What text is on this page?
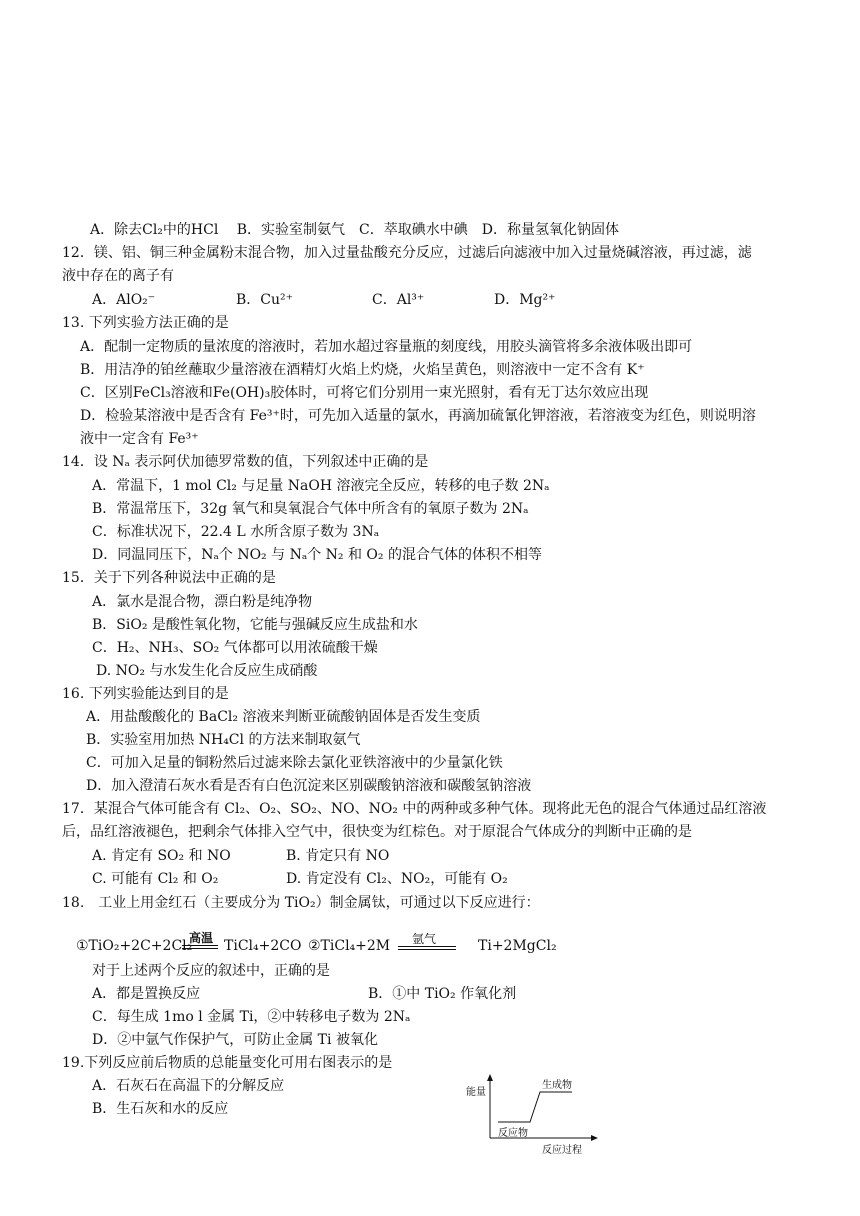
A．除去Cl₂中的HCl　 B．实验室制氨气　C．萃取碘水中碘　D．称量氢氧化钠固体
12．镁、铝、铜三种金属粉末混合物，加入过量盐酸充分反应，过滤后向滤液中加入过量烧碱溶液，再过滤，滤
液中存在的离子有
A．AlO₂⁻	B．Cu²⁺	C．Al³⁺	D．Mg²⁺
13. 下列实验方法正确的是
A．配制一定物质的量浓度的溶液时，若加水超过容量瓶的刻度线，用胶头滴管将多余液体吸出即可
B．用洁净的铂丝蘸取少量溶液在酒精灯火焰上灼烧，火焰呈黄色，则溶液中一定不含有 K⁺
C．区别FeCl₃溶液和Fe(OH)₃胶体时，可将它们分别用一束光照射，看有无丁达尔效应出现
D．检验某溶液中是否含有 Fe³⁺时，可先加入适量的氯水，再滴加硫氰化钾溶液，若溶液变为红色，则说明溶
液中一定含有 Fe³⁺
14．设 Nₐ 表示阿伏加德罗常数的值，下列叙述中正确的是
A．常温下，1 mol Cl₂ 与足量 NaOH 溶液完全反应，转移的电子数 2Nₐ
B．常温常压下，32g 氧气和臭氧混合气体中所含有的氧原子数为 2Nₐ
C．标准状况下，22.4 L 水所含原子数为 3Nₐ
D．同温同压下，Nₐ个 NO₂ 与 Nₐ个 N₂ 和 O₂ 的混合气体的体积不相等
15．关于下列各种说法中正确的是
A．氯水是混合物，漂白粉是纯净物
B．SiO₂ 是酸性氧化物，它能与强碱反应生成盐和水
C．H₂、NH₃、SO₂ 气体都可以用浓硫酸干燥
D. NO₂ 与水发生化合反应生成硝酸
16. 下列实验能达到目的是
A．用盐酸酸化的 BaCl₂ 溶液来判断亚硫酸钠固体是否发生变质
B．实验室用加热 NH₄Cl 的方法来制取氨气
C．可加入足量的铜粉然后过滤来除去氯化亚铁溶液中的少量氯化铁
D．加入澄清石灰水看是否有白色沉淀来区别碳酸钠溶液和碳酸氢钠溶液
17．某混合气体可能含有 Cl₂、O₂、SO₂、NO、NO₂ 中的两种或多种气体。现将此无色的混合气体通过品红溶液
后，品红溶液褪色，把剩余气体排入空气中，很快变为红棕色。对于原混合气体成分的判断中正确的是
A. 肯定有 SO₂ 和 NO	B. 肯定只有 NO
C. 可能有 Cl₂ 和 O₂	D. 肯定没有 Cl₂、NO₂，可能有 O₂
18.　工业上用金红石（主要成分为 TiO₂）制金属钛，可通过以下反应进行：
①TiO₂+2C+2Cl₂
高温 TiCl₄+2CO ②TiCl₄+2M 氩气	Ti+2MgCl₂
对于上述两个反应的叙述中，正确的是
A．都是置换反应	B．①中 TiO₂ 作氧化剂
C．每生成 1mo l 金属 Ti，②中转移电子数为 2Nₐ
D．②中氩气作保护气，可防止金属 Ti 被氧化
19.下列反应前后物质的总能量变化可用右图表示的是
A．石灰石在高温下的分解反应
B．生石灰和水的反应
能量
生成物
反应物
反应过程
